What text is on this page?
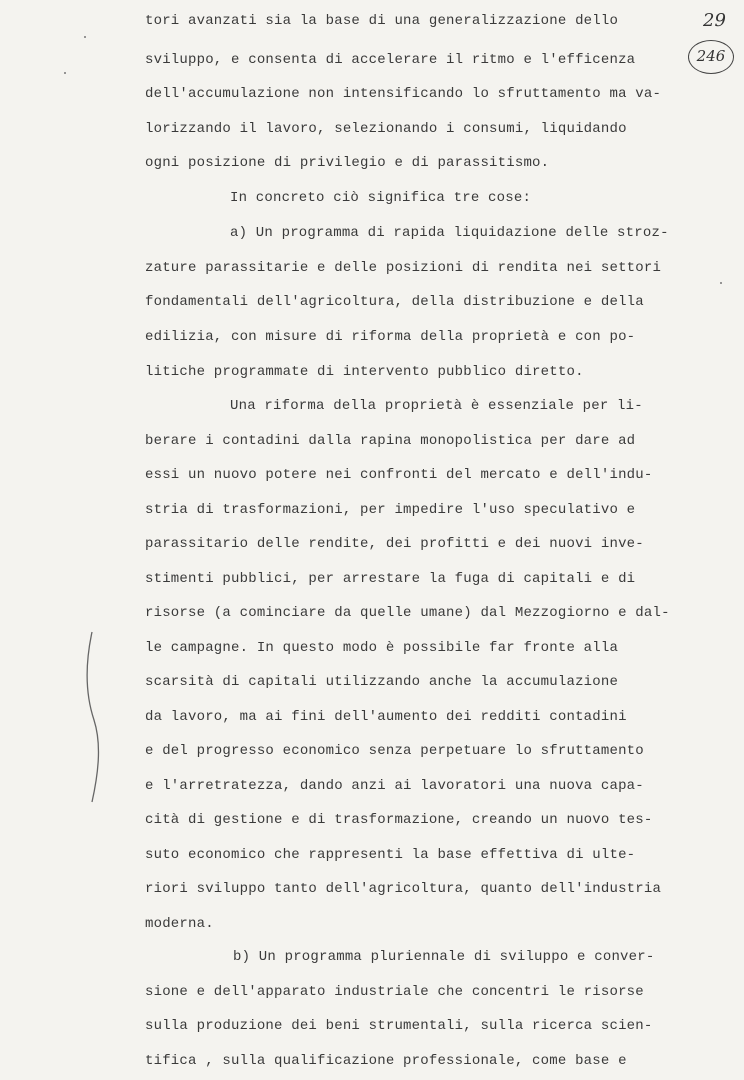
29
246
tori avanzati sia la base di una generalizzazione dello
sviluppo, e consenta di accelerare il ritmo e l'efficenza
dell'accumulazione non intensificando lo sfruttamento ma va-
lorizzando il lavoro, selezionando i consumi, liquidando
ogni posizione di privilegio e di parassitismo.
In concreto ciò significa tre cose:
a) Un programma di rapida liquidazione delle stroz-
zature parassitarie e delle posizioni di rendita nei settori
fondamentali dell'agricoltura, della distribuzione e della
edilizia, con misure di riforma della proprietà e con po-
litiche programmate di intervento pubblico diretto.
Una riforma della proprietà è essenziale per li-
berare i contadini dalla rapina monopolistica per dare ad
essi un nuovo potere nei confronti del mercato e dell'indu-
stria di trasformazioni, per impedire l'uso speculativo e
parassitario delle rendite, dei profitti e dei nuovi inve-
stimenti pubblici, per arrestare la fuga di capitali e di
risorse (a cominciare da quelle umane) dal Mezzogiorno e dal-
le campagne. In questo modo è possibile far fronte alla
scarsità di capitali utilizzando anche la accumulazione
da lavoro, ma ai fini dell'aumento dei redditi contadini
e del progresso economico senza perpetuare lo sfruttamento
e l'arretratezza, dando anzi ai lavoratori una nuova capa-
cità di gestione e di trasformazione, creando un nuovo tes-
suto economico che rappresenti la base effettiva di ulte-
riori sviluppo tanto dell'agricoltura, quanto dell'industria
moderna.
b) Un programma pluriennale di sviluppo e conver-
sione e dell'apparato industriale che concentri le risorse
sulla produzione dei beni strumentali, sulla ricerca scien-
tifica , sulla qualificazione professionale, come base e
